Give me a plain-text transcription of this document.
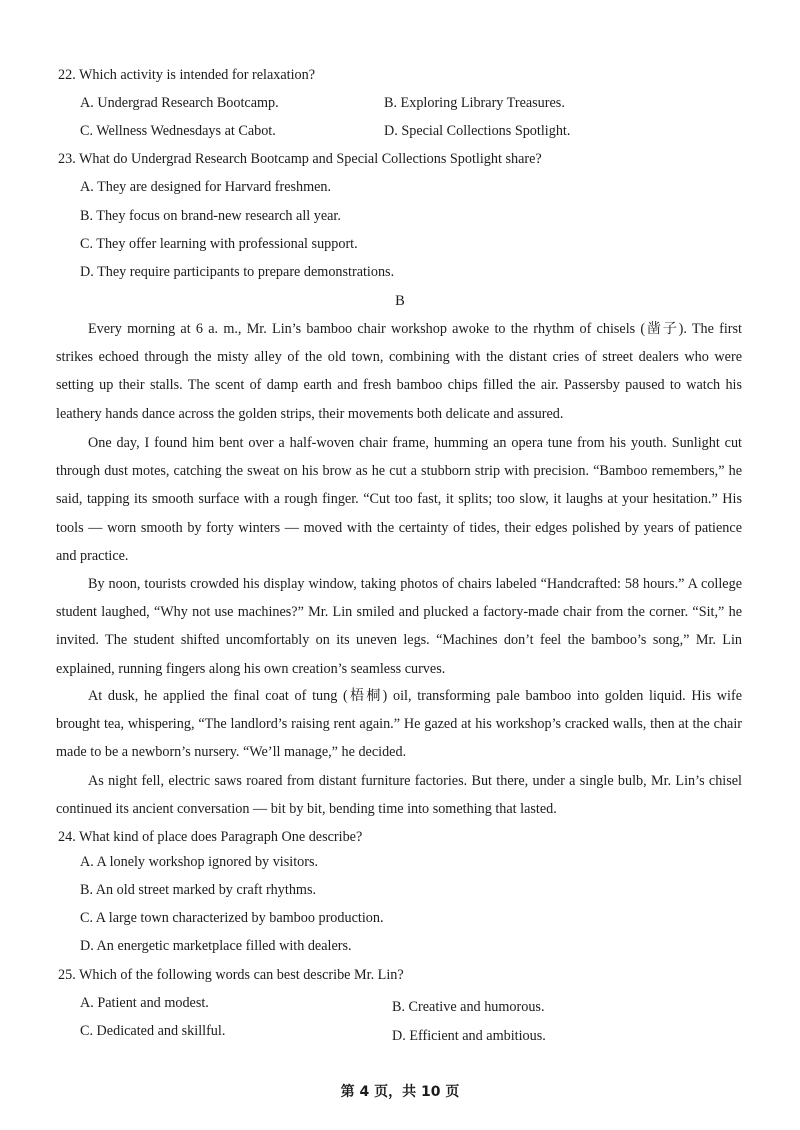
22. Which activity is intended for relaxation?
A. Undergrad Research Bootcamp.	B. Exploring Library Treasures.
C. Wellness Wednesdays at Cabot.	D. Special Collections Spotlight.
23. What do Undergrad Research Bootcamp and Special Collections Spotlight share?
A. They are designed for Harvard freshmen.
B. They focus on brand-new research all year.
C. They offer learning with professional support.
D. They require participants to prepare demonstrations.
B
Every morning at 6 a. m., Mr. Lin’s bamboo chair workshop awoke to the rhythm of chisels (凿子). The first strikes echoed through the misty alley of the old town, combining with the distant cries of street dealers who were setting up their stalls. The scent of damp earth and fresh bamboo chips filled the air. Passersby paused to watch his leathery hands dance across the golden strips, their movements both delicate and assured.
One day, I found him bent over a half-woven chair frame, humming an opera tune from his youth. Sunlight cut through dust motes, catching the sweat on his brow as he cut a stubborn strip with precision. “Bamboo remembers,” he said, tapping its smooth surface with a rough finger. “Cut too fast, it splits; too slow, it laughs at your hesitation.” His tools — worn smooth by forty winters — moved with the certainty of tides, their edges polished by years of patience and practice.
By noon, tourists crowded his display window, taking photos of chairs labeled “Handcrafted: 58 hours.” A college student laughed, “Why not use machines?” Mr. Lin smiled and plucked a factory-made chair from the corner. “Sit,” he invited. The student shifted uncomfortably on its uneven legs. “Machines don’t feel the bamboo’s song,” Mr. Lin explained, running fingers along his own creation’s seamless curves.
At dusk, he applied the final coat of tung (梧桐) oil, transforming pale bamboo into golden liquid. His wife brought tea, whispering, “The landlord’s raising rent again.” He gazed at his workshop’s cracked walls, then at the chair made to be a newborn’s nursery. “We’ll manage,” he decided.
As night fell, electric saws roared from distant furniture factories. But there, under a single bulb, Mr. Lin’s chisel continued its ancient conversation — bit by bit, bending time into something that lasted.
24. What kind of place does Paragraph One describe?
A. A lonely workshop ignored by visitors.
B. An old street marked by craft rhythms.
C. A large town characterized by bamboo production.
D. An energetic marketplace filled with dealers.
25. Which of the following words can best describe Mr. Lin?
A. Patient and modest.	B. Creative and humorous.
C. Dedicated and skillful.	D. Efficient and ambitious.
第 4 页，共 10 页
